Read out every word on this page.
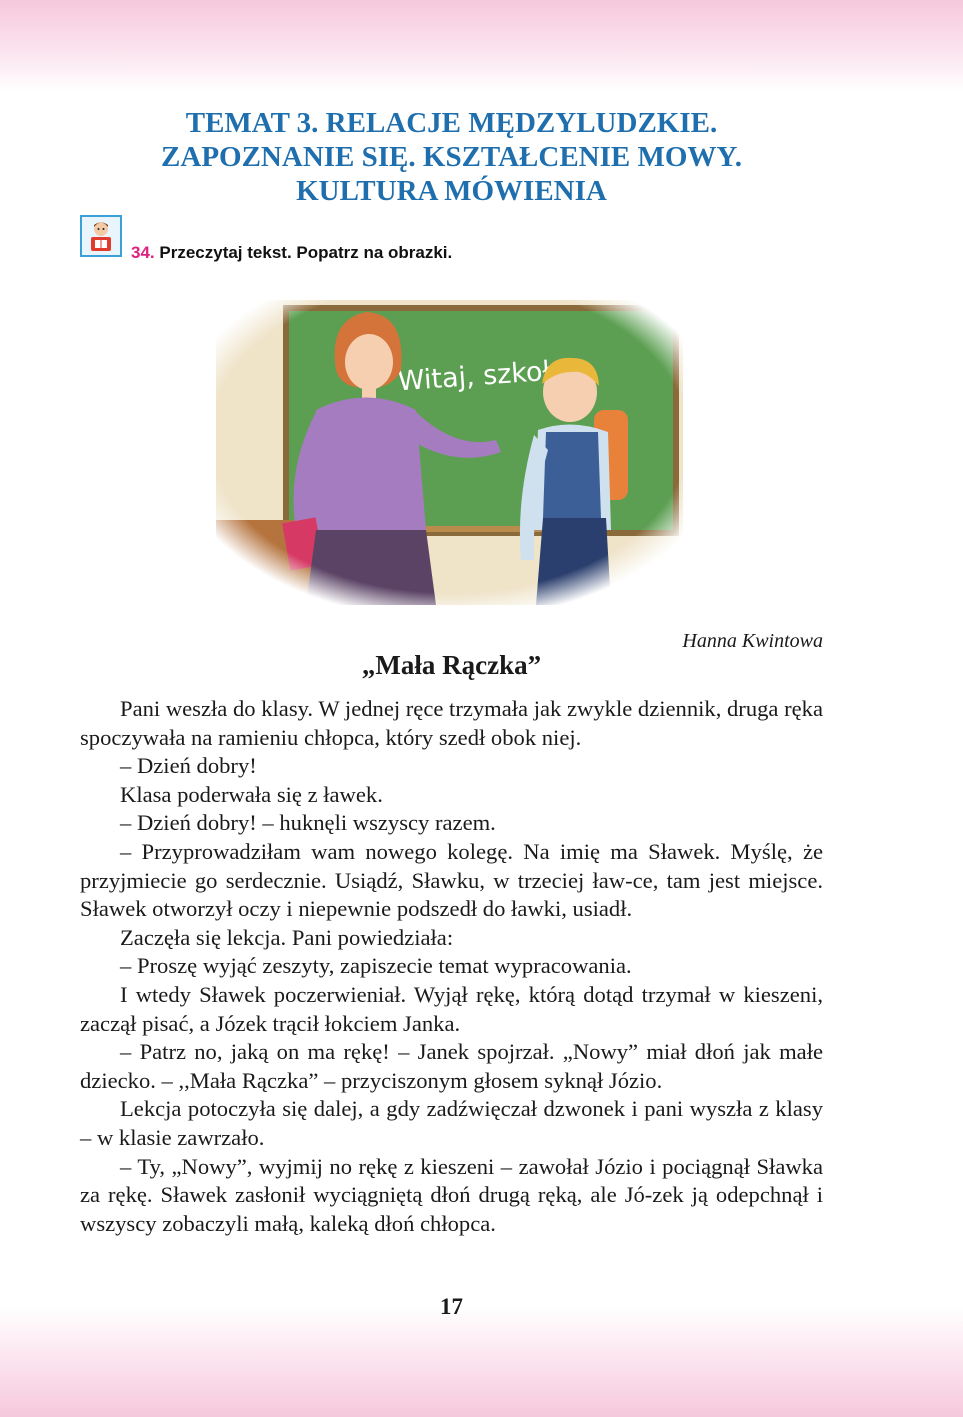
TEMAT 3. RELACJE MĘDZYLUDZKIE.
ZAPOZNANIE SIĘ. KSZTAŁCENIE MOWY.
KULTURA MÓWIENIA
34. Przeczytaj tekst. Popatrz na obrazki.
Hanna Kwintowa
„Mała Rączka”

Pani weszła do klasy. W jednej ręce trzymała jak zwykle dziennik, druga ręka spoczywała na ramieniu chłopca, który szedł obok niej.

– Dzień dobry!

Klasa poderwała się z ławek.

– Dzień dobry! – huknęli wszyscy razem.

– Przyprowadziłam wam nowego kolegę. Na imię ma Sławek. Myślę, że przyjmiecie go serdecznie. Usiądź, Sławku, w trzeciej ław-ce, tam jest miejsce. Sławek otworzył oczy i niepewnie podszedł do ławki, usiadł.

Zaczęła się lekcja. Pani powiedziała:

– Proszę wyjąć zeszyty, zapiszecie temat wypracowania.

I wtedy Sławek poczerwieniał. Wyjął rękę, którą dotąd trzymał w kieszeni, zaczął pisać, a Józek trącił łokciem Janka.

– Patrz no, jaką on ma rękę! – Janek spojrzał. „Nowy” miał dłoń jak małe dziecko. – ,,Mała Rączka” – przyciszonym głosem syknął Józio.

Lekcja potoczyła się dalej, a gdy zadźwięczał dzwonek i pani wyszła z klasy – w klasie zawrzało.

– Ty, „Nowy”, wyjmij no rękę z kieszeni – zawołał Józio i pociągnął Sławka za rękę. Sławek zasłonił wyciągniętą dłoń drugą ręką, ale Jó-zek ją odepchnął i wszyscy zobaczyli małą, kaleką dłoń chłopca.

17
